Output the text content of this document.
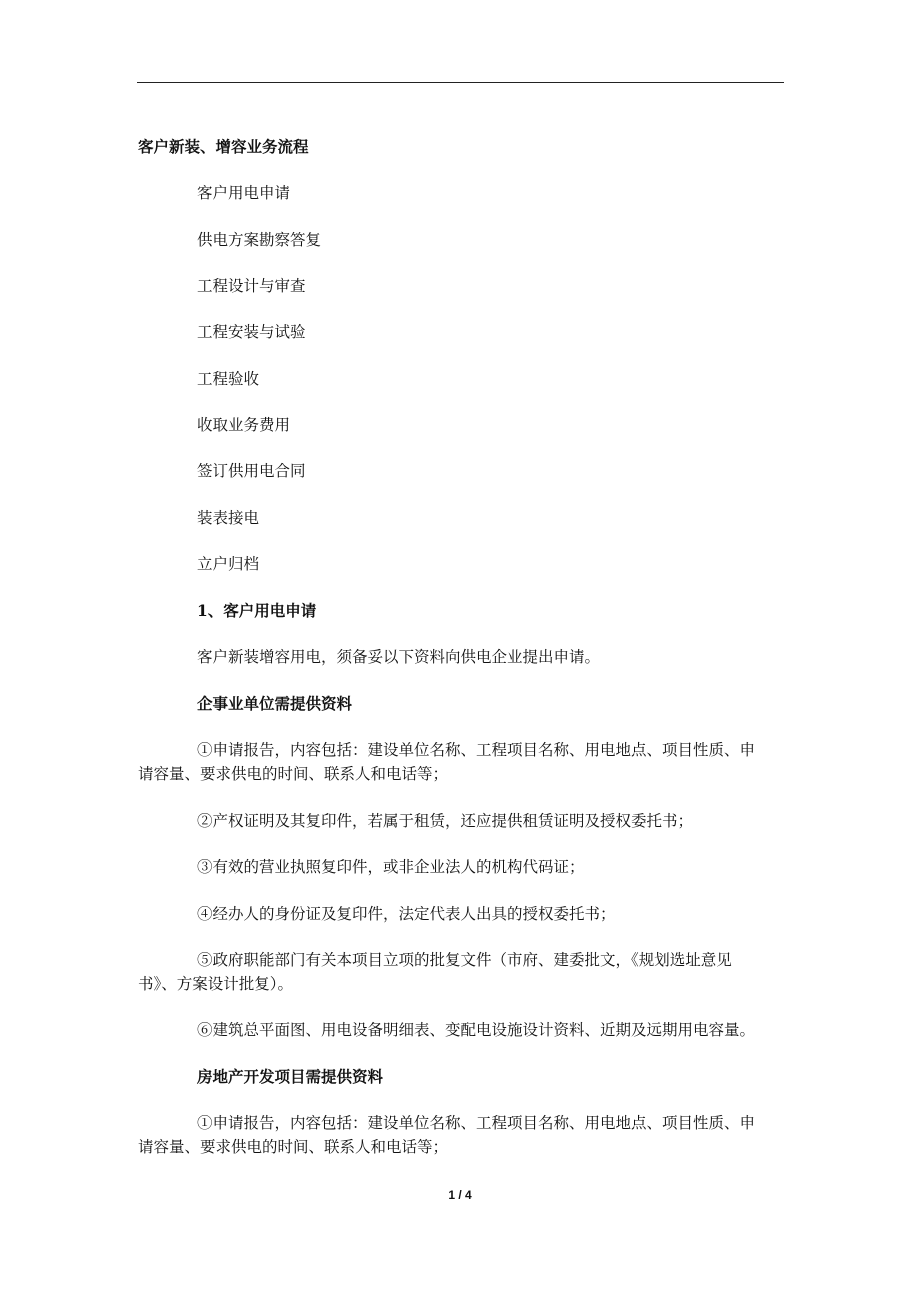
客户新装、增容业务流程
客户用电申请
供电方案勘察答复
工程设计与审查
工程安装与试验
工程验收
收取业务费用
签订供用电合同
装表接电
立户归档
1、客户用电申请
客户新装增容用电，须备妥以下资料向供电企业提出申请。
企事业单位需提供资料
①申请报告，内容包括：建设单位名称、工程项目名称、用电地点、项目性质、申
请容量、要求供电的时间、联系人和电话等；
②产权证明及其复印件，若属于租赁，还应提供租赁证明及授权委托书；
③有效的营业执照复印件，或非企业法人的机构代码证；
④经办人的身份证及复印件，法定代表人出具的授权委托书；
⑤政府职能部门有关本项目立项的批复文件（市府、建委批文，《规划选址意见
书》、方案设计批复）。
⑥建筑总平面图、用电设备明细表、变配电设施设计资料、近期及远期用电容量。
房地产开发项目需提供资料
①申请报告，内容包括：建设单位名称、工程项目名称、用电地点、项目性质、申
请容量、要求供电的时间、联系人和电话等；
1 / 4
